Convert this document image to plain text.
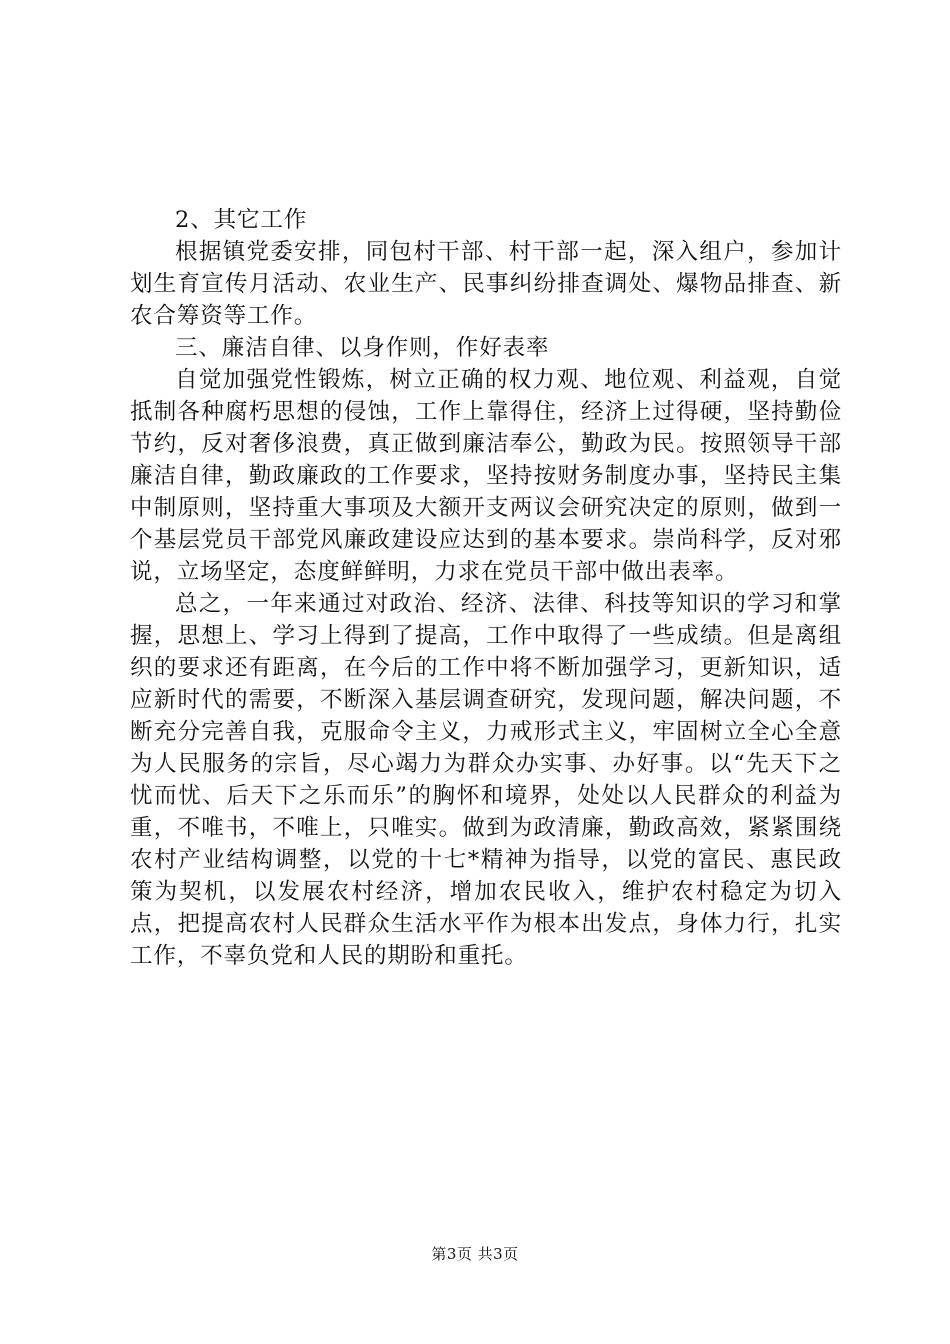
2、其它工作

根据镇党委安排，同包村干部、村干部一起，深入组户，参加计划生育宣传月活动、农业生产、民事纠纷排查调处、爆物品排查、新农合筹资等工作。

三、廉洁自律、以身作则，作好表率

自觉加强党性锻炼，树立正确的权力观、地位观、利益观，自觉抵制各种腐朽思想的侵蚀，工作上靠得住，经济上过得硬，坚持勤俭节约，反对奢侈浪费，真正做到廉洁奉公，勤政为民。按照领导干部廉洁自律，勤政廉政的工作要求，坚持按财务制度办事，坚持民主集中制原则，坚持重大事项及大额开支两议会研究决定的原则，做到一个基层党员干部党风廉政建设应达到的基本要求。崇尚科学，反对邪说，立场坚定，态度鲜鲜明，力求在党员干部中做出表率。

总之，一年来通过对政治、经济、法律、科技等知识的学习和掌握，思想上、学习上得到了提高，工作中取得了一些成绩。但是离组织的要求还有距离，在今后的工作中将不断加强学习，更新知识，适应新时代的需要，不断深入基层调查研究，发现问题，解决问题，不断充分完善自我，克服命令主义，力戒形式主义，牢固树立全心全意为人民服务的宗旨，尽心竭力为群众办实事、办好事。以“先天下之忧而忧、后天下之乐而乐”的胸怀和境界，处处以人民群众的利益为重，不唯书，不唯上，只唯实。做到为政清廉，勤政高效，紧紧围绕农村产业结构调整，以党的十七*精神为指导，以党的富民、惠民政策为契机，以发展农村经济，增加农民收入，维护农村稳定为切入点，把提高农村人民群众生活水平作为根本出发点，身体力行，扎实工作，不辜负党和人民的期盼和重托。

第3页 共3页
